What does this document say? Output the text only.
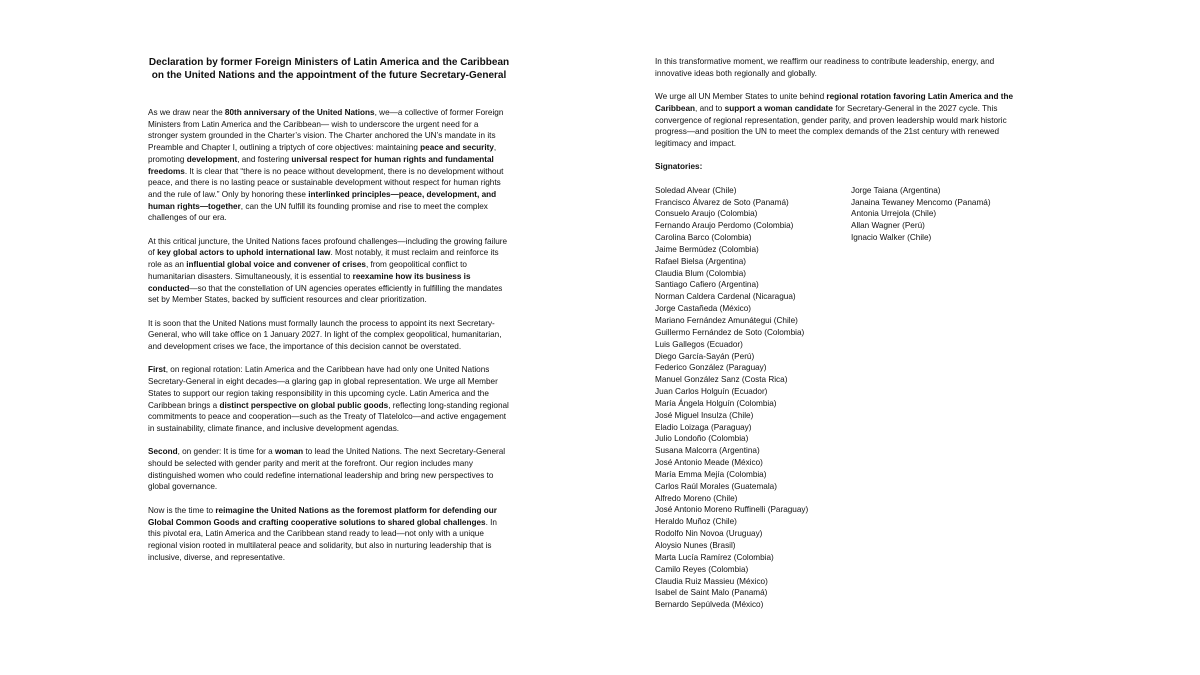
Declaration by former Foreign Ministers of Latin America and the Caribbean on the United Nations and the appointment of the future Secretary-General

As we draw near the 80th anniversary of the United Nations, we—a collective of former Foreign Ministers from Latin America and the Caribbean— wish to underscore the urgent need for a stronger system grounded in the Charter’s vision. The Charter anchored the UN’s mandate in its Preamble and Chapter I, outlining a triptych of core objectives: maintaining peace and security, promoting development, and fostering universal respect for human rights and fundamental freedoms. It is clear that “there is no peace without development, there is no development without peace, and there is no lasting peace or sustainable development without respect for human rights and the rule of law.” Only by honoring these interlinked principles—peace, development, and human rights—together, can the UN fulfill its founding promise and rise to meet the complex challenges of our era.

At this critical juncture, the United Nations faces profound challenges—including the growing failure of key global actors to uphold international law. Most notably, it must reclaim and reinforce its role as an influential global voice and convener of crises, from geopolitical conflict to humanitarian disasters. Simultaneously, it is essential to reexamine how its business is conducted—so that the constellation of UN agencies operates efficiently in fulfilling the mandates set by Member States, backed by sufficient resources and clear prioritization.

It is soon that the United Nations must formally launch the process to appoint its next Secretary-General, who will take office on 1 January 2027. In light of the complex geopolitical, humanitarian, and development crises we face, the importance of this decision cannot be overstated.

First, on regional rotation: Latin America and the Caribbean have had only one United Nations Secretary-General in eight decades—a glaring gap in global representation. We urge all Member States to support our region taking responsibility in this upcoming cycle. Latin America and the Caribbean brings a distinct perspective on global public goods, reflecting long-standing regional commitments to peace and cooperation—such as the Treaty of Tlatelolco—and active engagement in sustainability, climate finance, and inclusive development agendas.

Second, on gender: It is time for a woman to lead the United Nations. The next Secretary-General should be selected with gender parity and merit at the forefront. Our region includes many distinguished women who could redefine international leadership and bring new perspectives to global governance.

Now is the time to reimagine the United Nations as the foremost platform for defending our Global Common Goods and crafting cooperative solutions to shared global challenges. In this pivotal era, Latin America and the Caribbean stand ready to lead—not only with a unique regional vision rooted in multilateral peace and solidarity, but also in nurturing leadership that is inclusive, diverse, and representative.

In this transformative moment, we reaffirm our readiness to contribute leadership, energy, and innovative ideas both regionally and globally.

We urge all UN Member States to unite behind regional rotation favoring Latin America and the Caribbean, and to support a woman candidate for Secretary-General in the 2027 cycle. This convergence of regional representation, gender parity, and proven leadership would mark historic progress—and position the UN to meet the complex demands of the 21st century with renewed legitimacy and impact.

Signatories:
Soledad Alvear (Chile)
Francisco Álvarez de Soto (Panamá)
Consuelo Araujo (Colombia)
Fernando Araujo Perdomo (Colombia)
Carolina Barco (Colombia)
Jaime Bermúdez (Colombia)
Rafael Bielsa (Argentina)
Claudia Blum (Colombia)
Santiago Cafiero (Argentina)
Norman Caldera Cardenal (Nicaragua)
Jorge Castañeda (México)
Mariano Fernández Amunátegui (Chile)
Guillermo Fernández de Soto (Colombia)
Luis Gallegos (Ecuador)
Diego García-Sayán (Perú)
Federico González (Paraguay)
Manuel González Sanz (Costa Rica)
Juan Carlos Holguín (Ecuador)
María Ángela Holguín (Colombia)
José Miguel Insulza (Chile)
Eladio Loizaga (Paraguay)
Julio Londoño (Colombia)
Susana Malcorra (Argentina)
José Antonio Meade (México)
María Emma Mejía (Colombia)
Carlos Raúl Morales (Guatemala)
Alfredo Moreno (Chile)
José Antonio Moreno Ruffinelli (Paraguay)
Heraldo Muñoz (Chile)
Rodolfo Nin Novoa (Uruguay)
Aloysio Nunes (Brasil)
Marta Lucía Ramírez (Colombia)
Camilo Reyes (Colombia)
Claudia Ruiz Massieu (México)
Isabel de Saint Malo (Panamá)
Bernardo Sepúlveda (México)
Jorge Taiana (Argentina)
Janaina Tewaney Mencomo (Panamá)
Antonia Urrejola (Chile)
Allan Wagner (Perú)
Ignacio Walker (Chile)
